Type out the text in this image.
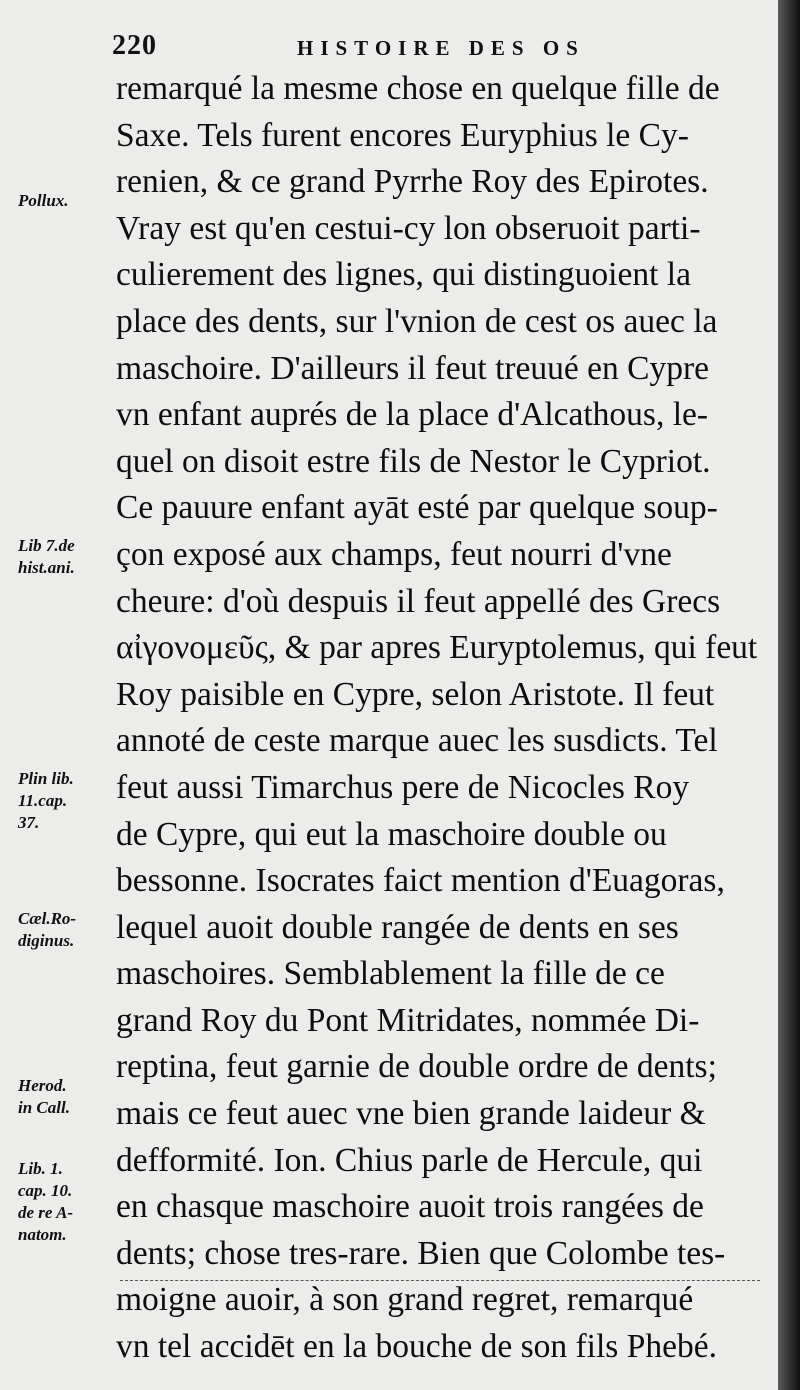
220	HISTOIRE DES OS
remarqué la mesme chose en quelque fille de
Saxe. Tels furent encores Euryphius le Cy-
renien, & ce grand Pyrrhe Roy des Epirotes.
Vray est qu'en cestui-cy lon obseruoit parti-
culierement des lignes, qui distinguoient la
place des dents, sur l'vnion de cest os auec la
maschoire. D'ailleurs il feut treuué en Cypre
vn enfant auprés de la place d'Alcathous, le-
quel on disoit estre fils de Nestor le Cypriot.
Ce pauure enfant ayāt esté par quelque soup-
çon exposé aux champs, feut nourri d'vne
cheure: d'où despuis il feut appellé des Grecs
αἰγονομεῦς, & par apres Euryptolemus, qui feut
Roy paisible en Cypre, selon Aristote. Il feut
annoté de ceste marque auec les susdicts. Tel
feut aussi Timarchus pere de Nicocles Roy
de Cypre, qui eut la maschoire double ou
bessonne. Isocrates faict mention d'Euagoras,
lequel auoit double rangée de dents en ses
maschoires. Semblablement la fille de ce
grand Roy du Pont Mitridates, nommée Di-
reptina, feut garnie de double ordre de dents;
mais ce feut auec vne bien grande laideur &
defformité. Ion. Chius parle de Hercule, qui
en chasque maschoire auoit trois rangées de
dents; chose tres-rare. Bien que Colombe tes-
moigne auoir, à son grand regret, remarqué
vn tel accidēt en la bouche de son fils Phebé.
Pollux.
Lib 7.de
hist.ani.
Plin lib.
11.cap.
37.
Cæl.Ro-
diginus.
Herod.
in Call.
Lib. 1.
cap. 10.
de re A-
natom.
